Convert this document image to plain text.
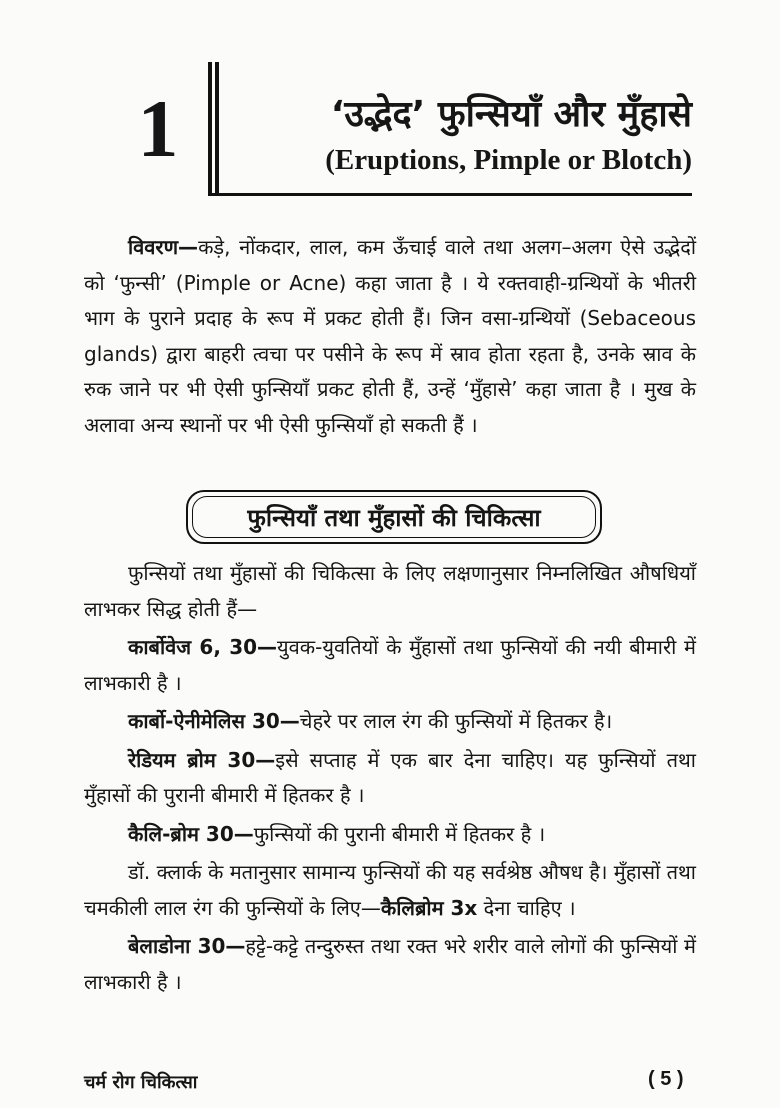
1	‘उद्भेद’ फुन्सियाँ और मुँहासे
(Eruptions, Pimple or Blotch)

विवरण—कड़े, नोंकदार, लाल, कम ऊँचाई वाले तथा अलग–अलग ऐसे उद्भेदों को ‘फुन्सी’ (Pimple or Acne) कहा जाता है । ये रक्तवाही-ग्रन्थियों के भीतरी भाग के पुराने प्रदाह के रूप में प्रकट होती हैं। जिन वसा-ग्रन्थियों (Sebaceous glands) द्वारा बाहरी त्वचा पर पसीने के रूप में स्राव होता रहता है, उनके स्राव के रुक जाने पर भी ऐसी फुन्सियाँ प्रकट होती हैं, उन्हें ‘मुँहासे’ कहा जाता है । मुख के अलावा अन्य स्थानों पर भी ऐसी फुन्सियाँ हो सकती हैं ।

फुन्सियाँ तथा मुँहासों की चिकित्सा

फुन्सियों तथा मुँहासों की चिकित्सा के लिए लक्षणानुसार निम्नलिखित औषधियाँ लाभकर सिद्ध होती हैं—

कार्बोवेज 6, 30—युवक-युवतियों के मुँहासों तथा फुन्सियों की नयी बीमारी में लाभकारी है ।

कार्बो-ऐनीमेलिस 30—चेहरे पर लाल रंग की फुन्सियों में हितकर है।

रेडियम ब्रोम 30—इसे सप्ताह में एक बार देना चाहिए। यह फुन्सियों तथा मुँहासों की पुरानी बीमारी में हितकर है ।

कैलि-ब्रोम 30—फुन्सियों की पुरानी बीमारी में हितकर है ।

डॉ. क्लार्क के मतानुसार सामान्य फुन्सियों की यह सर्वश्रेष्ठ औषध है। मुँहासों तथा चमकीली लाल रंग की फुन्सियों के लिए—कैलिब्रोम 3x देना चाहिए ।

बेलाडोना 30—हट्टे-कट्टे तन्दुरुस्त तथा रक्त भरे शरीर वाले लोगों की फुन्सियों में लाभकारी है ।

चर्म रोग चिकित्सा	( 5 )
